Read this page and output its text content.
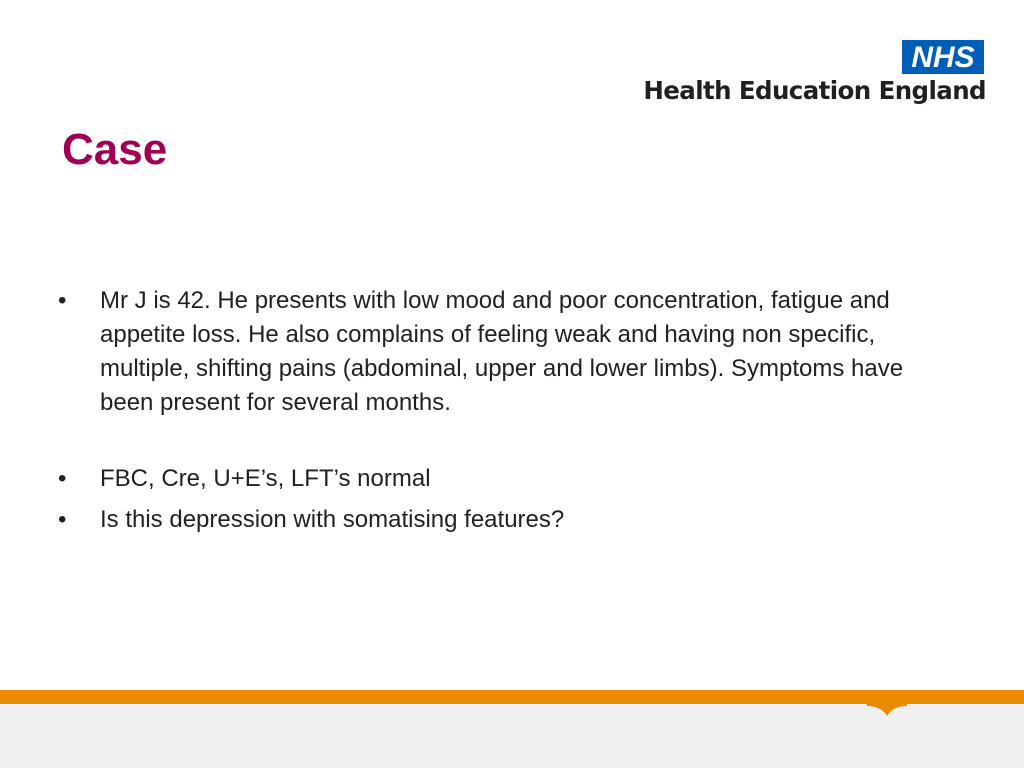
NHS
Health Education England
Case
•	Mr J is 42. He presents with low mood and poor concentration, fatigue and appetite loss. He also complains of feeling weak and having non specific, multiple, shifting pains (abdominal, upper and lower limbs). Symptoms have been present for several months.
•	FBC, Cre, U+E’s, LFT’s normal
•	Is this depression with somatising features?
